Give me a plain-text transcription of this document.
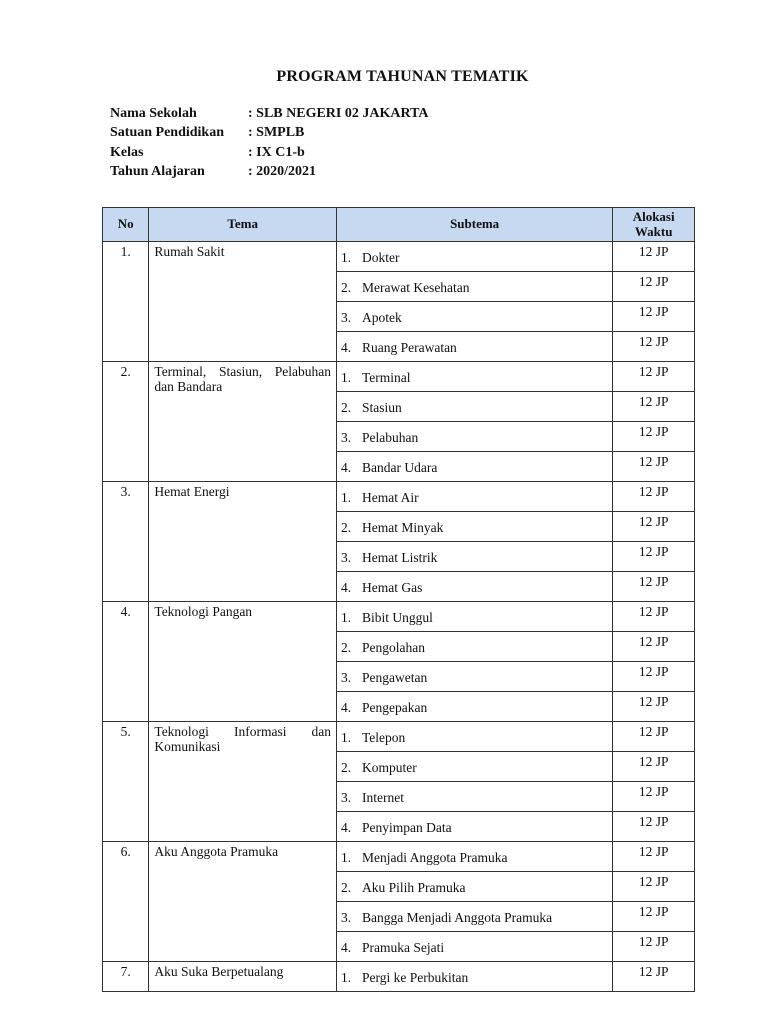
PROGRAM TAHUNAN TEMATIK
Nama Sekolah	: SLB NEGERI 02 JAKARTA
Satuan Pendidikan	: SMPLB
Kelas	: IX C1-b
Tahun Alajaran	: 2020/2021
No	Tema	Subtema	Alokasi
Waktu
1.	Rumah Sakit	1. Dokter	12 JP
		2. Merawat Kesehatan	12 JP
		3. Apotek	12 JP
		4. Ruang Perawatan	12 JP
2.	Terminal, Stasiun, Pelabuhan dan Bandara	1. Terminal	12 JP
		2. Stasiun	12 JP
		3. Pelabuhan	12 JP
		4. Bandar Udara	12 JP
3.	Hemat Energi	1. Hemat Air	12 JP
		2. Hemat Minyak	12 JP
		3. Hemat Listrik	12 JP
		4. Hemat Gas	12 JP
4.	Teknologi Pangan	1. Bibit Unggul	12 JP
		2. Pengolahan	12 JP
		3. Pengawetan	12 JP
		4. Pengepakan	12 JP
5.	Teknologi Informasi dan Komunikasi	1. Telepon	12 JP
		2. Komputer	12 JP
		3. Internet	12 JP
		4. Penyimpan Data	12 JP
6.	Aku Anggota Pramuka	1. Menjadi Anggota Pramuka	12 JP
		2. Aku Pilih Pramuka	12 JP
		3. Bangga Menjadi Anggota Pramuka	12 JP
		4. Pramuka Sejati	12 JP
7.	Aku Suka Berpetualang	1. Pergi ke Perbukitan	12 JP
